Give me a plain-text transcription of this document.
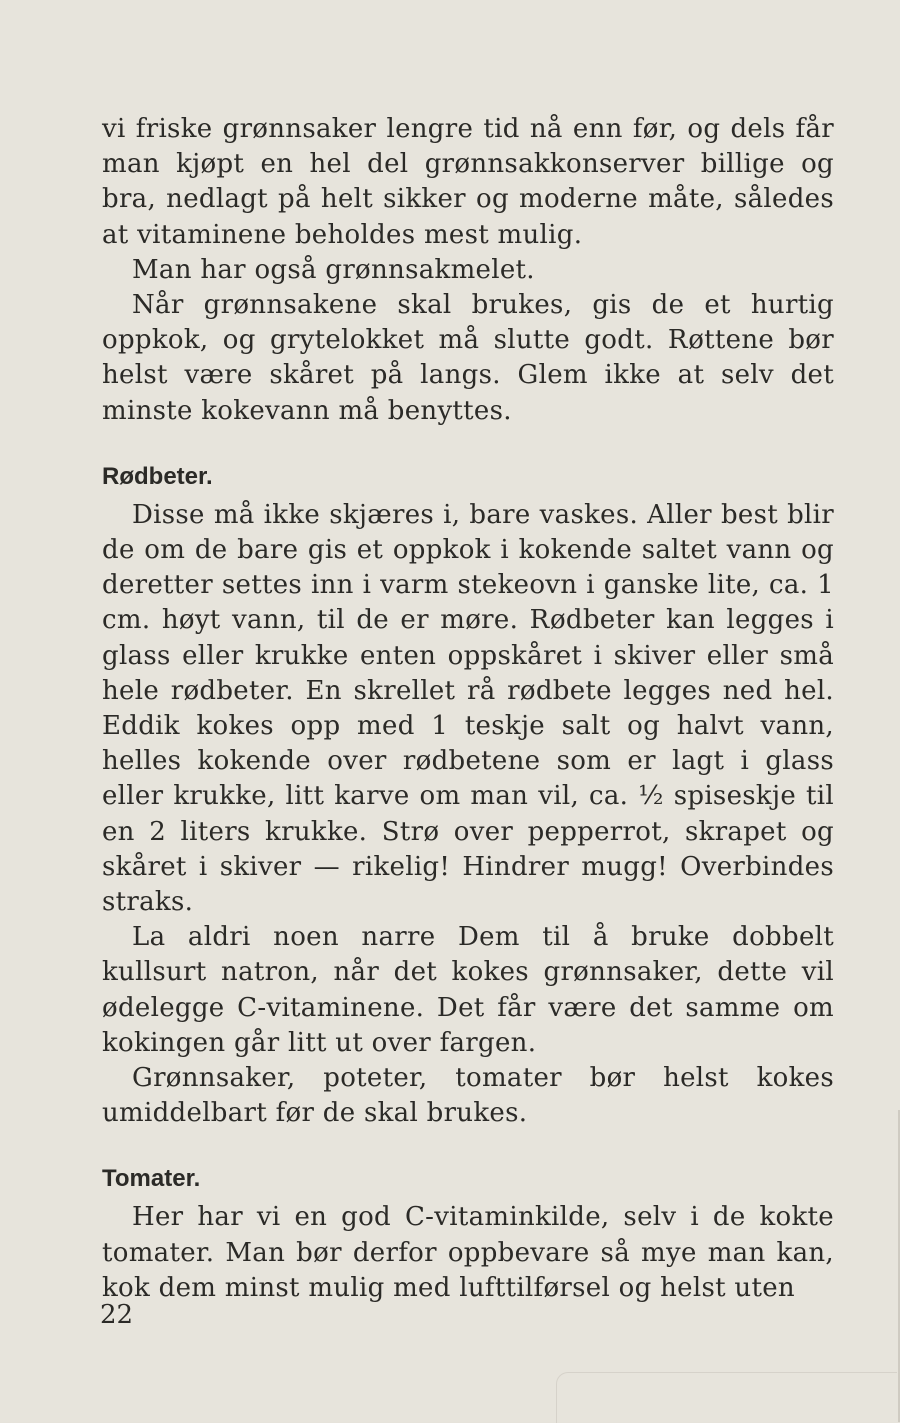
vi friske grønnsaker lengre tid nå enn før, og dels får man kjøpt en hel del grønnsakkonserver billige og bra, nedlagt på helt sikker og moderne måte, således at vitaminene beholdes mest mulig.

Man har også grønnsakmelet.

Når grønnsakene skal brukes, gis de et hurtig oppkok, og grytelokket må slutte godt. Røttene bør helst være skåret på langs. Glem ikke at selv det minste kokevann må benyttes.

Rødbeter.

Disse må ikke skjæres i, bare vaskes. Aller best blir de om de bare gis et oppkok i kokende saltet vann og deretter settes inn i varm stekeovn i ganske lite, ca. 1 cm. høyt vann, til de er møre. Rødbeter kan legges i glass eller krukke enten oppskåret i skiver eller små hele rødbeter. En skrellet rå rødbete legges ned hel. Eddik kokes opp med 1 teskje salt og halvt vann, helles kokende over rødbetene som er lagt i glass eller krukke, litt karve om man vil, ca. ½ spiseskje til en 2 liters krukke. Strø over pepperrot, skrapet og skåret i skiver — rikelig! Hindrer mugg! Overbindes straks.

La aldri noen narre Dem til å bruke dobbelt kullsurt natron, når det kokes grønnsaker, dette vil ødelegge C-vitaminene. Det får være det samme om kokingen går litt ut over fargen.

Grønnsaker, poteter, tomater bør helst kokes umiddelbart før de skal brukes.

Tomater.

Her har vi en god C-vitaminkilde, selv i de kokte tomater. Man bør derfor oppbevare så mye man kan, kok dem minst mulig med lufttilførsel og helst uten

22
